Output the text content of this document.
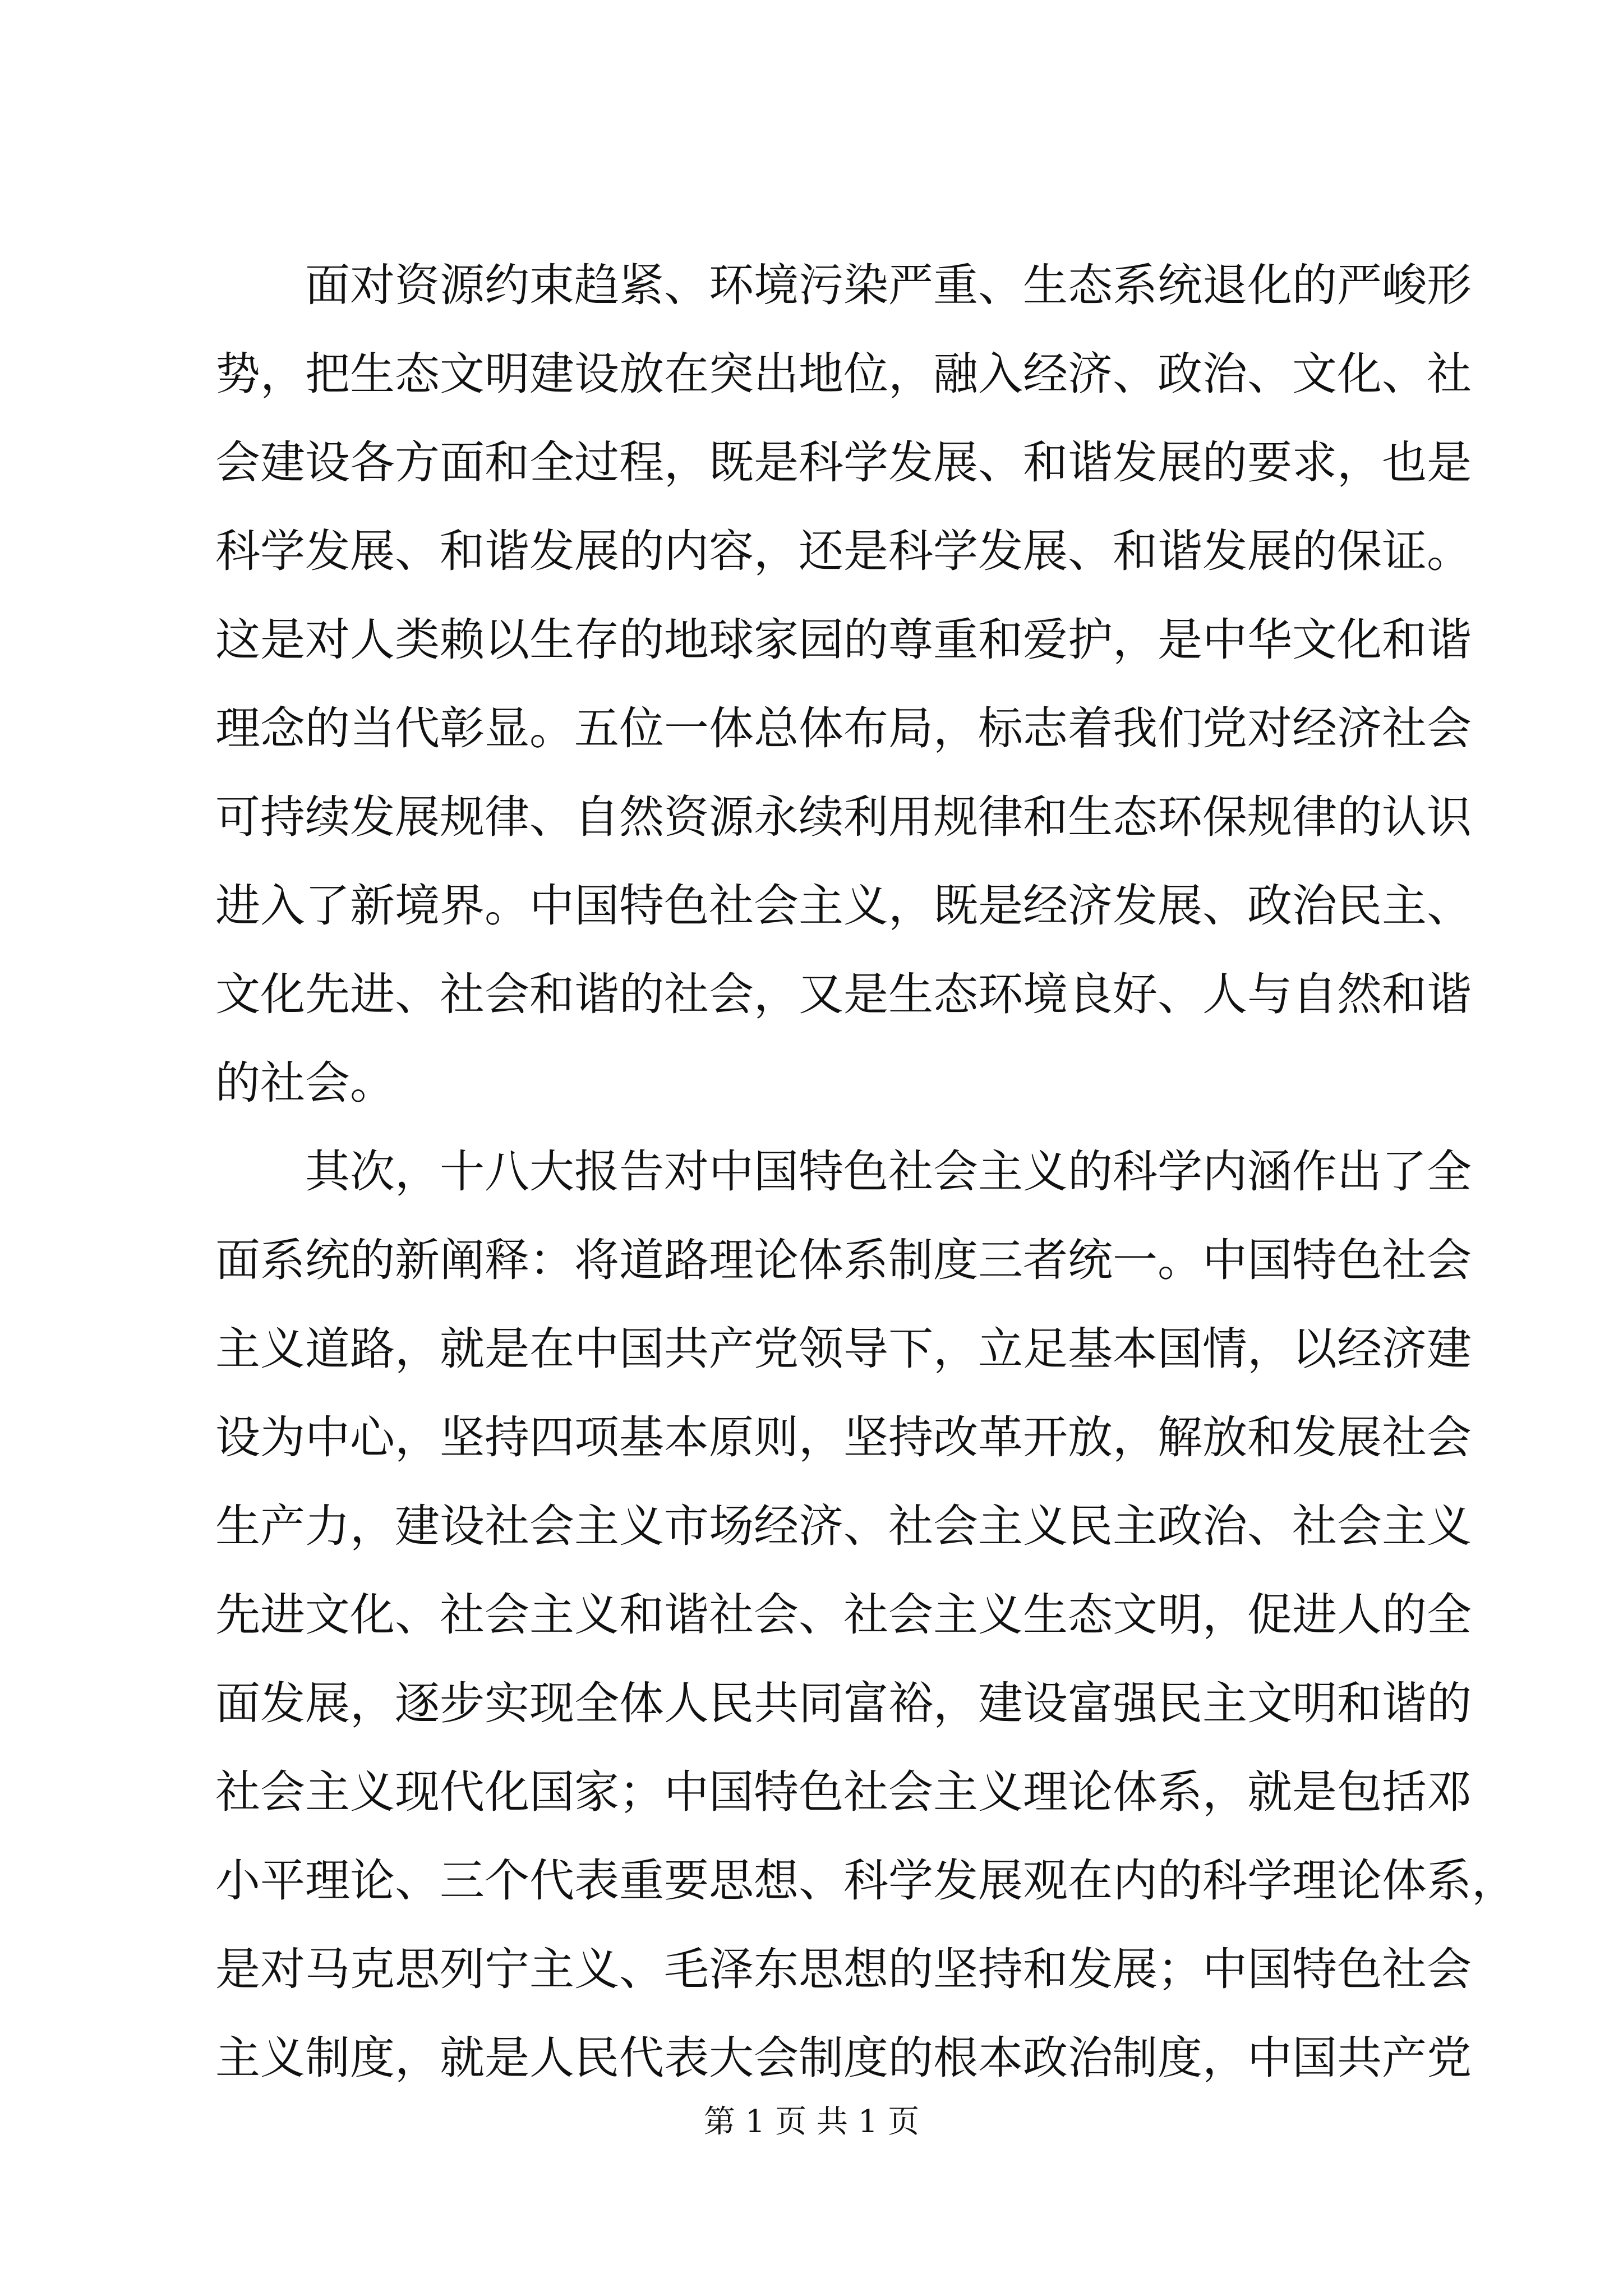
面对资源约束趋紧、环境污染严重、生态系统退化的严峻形
势，把生态文明建设放在突出地位，融入经济、政治、文化、社
会建设各方面和全过程，既是科学发展、和谐发展的要求，也是
科学发展、和谐发展的内容，还是科学发展、和谐发展的保证。
这是对人类赖以生存的地球家园的尊重和爱护，是中华文化和谐
理念的当代彰显。五位一体总体布局，标志着我们党对经济社会
可持续发展规律、自然资源永续利用规律和生态环保规律的认识
进入了新境界。中国特色社会主义，既是经济发展、政治民主、
文化先进、社会和谐的社会，又是生态环境良好、人与自然和谐
的社会。
其次，十八大报告对中国特色社会主义的科学内涵作出了全
面系统的新阐释：将道路理论体系制度三者统一。中国特色社会
主义道路，就是在中国共产党领导下，立足基本国情，以经济建
设为中心，坚持四项基本原则，坚持改革开放，解放和发展社会
生产力，建设社会主义市场经济、社会主义民主政治、社会主义
先进文化、社会主义和谐社会、社会主义生态文明，促进人的全
面发展，逐步实现全体人民共同富裕，建设富强民主文明和谐的
社会主义现代化国家；中国特色社会主义理论体系，就是包括邓
小平理论、三个代表重要思想、科学发展观在内的科学理论体系，
是对马克思列宁主义、毛泽东思想的坚持和发展；中国特色社会
主义制度，就是人民代表大会制度的根本政治制度，中国共产党
第 1 页 共 1 页
